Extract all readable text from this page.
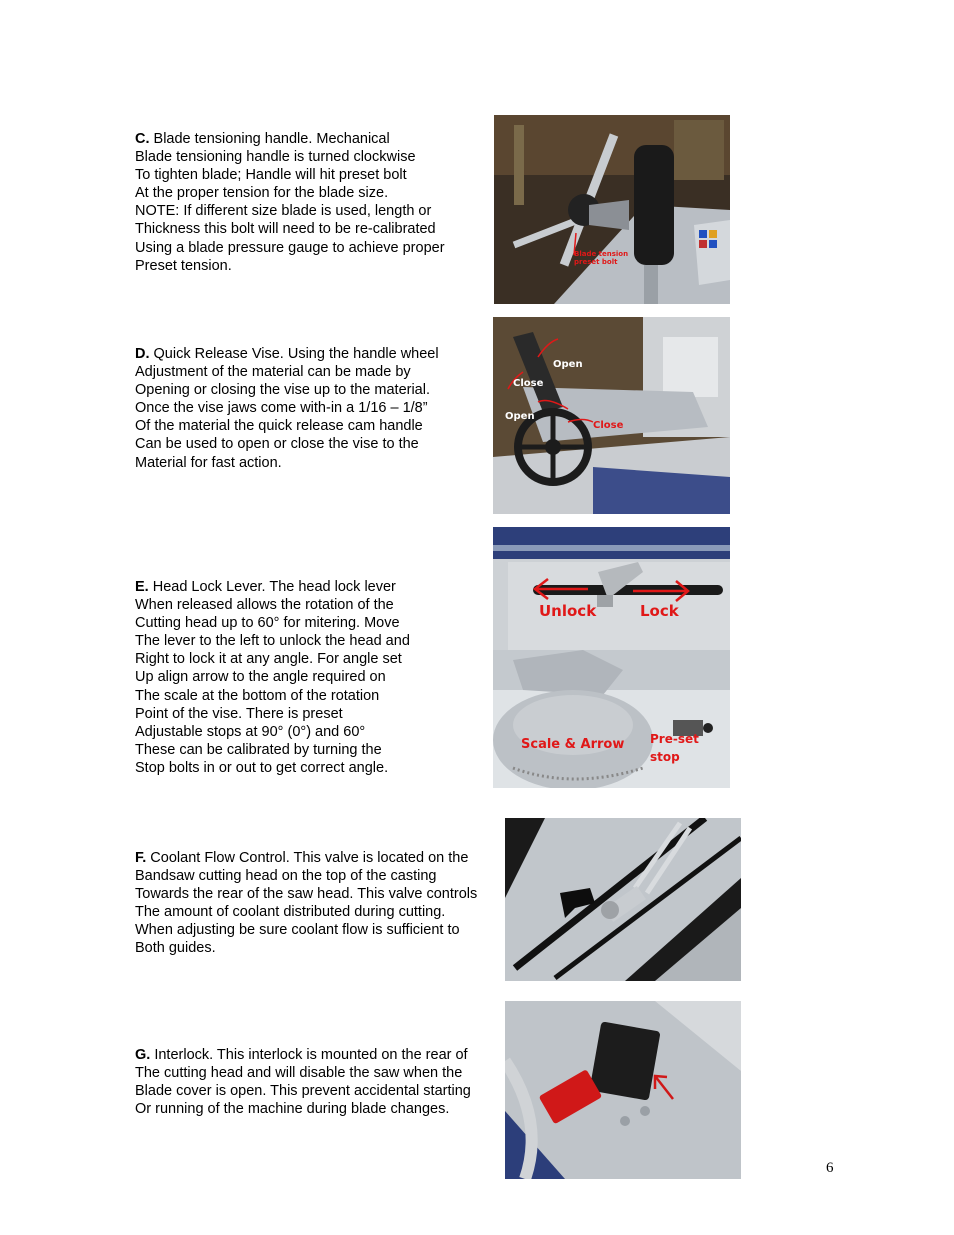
C. Blade tensioning handle. Mechanical
Blade tensioning handle is turned clockwise
To tighten blade; Handle will hit preset bolt
At the proper tension for the blade size.
NOTE: If different size blade is used, length or
Thickness this bolt will need to be re-calibrated
Using a blade pressure gauge to achieve proper
Preset tension.
Blade tension
preset bolt
D. Quick Release Vise. Using the handle wheel
Adjustment of the material can be made by
Opening or closing the vise up to the material.
Once the vise jaws come with-in a 1/16 – 1/8”
Of the material the quick release cam handle
Can be used to open or close the vise to the
Material for fast action.
Open
Close
Open
Close
E. Head Lock Lever. The head lock lever
When released allows the rotation of the
Cutting head up to 60° for mitering. Move
The lever to the left to unlock the head and
Right to lock it at any angle. For angle set
Up align arrow to the angle required on
The scale at the bottom of the rotation
Point of the vise. There is preset
Adjustable stops at 90° (0°) and 60°
These can be calibrated by turning the
Stop bolts in or out to get correct angle.
Unlock	Lock
Scale & Arrow Pre-set
stop
F. Coolant Flow Control. This valve is located on the
Bandsaw cutting head on the top of the casting
Towards the rear of the saw head. This valve controls
The amount of coolant distributed during cutting.
When adjusting be sure coolant flow is sufficient to
Both guides.
G. Interlock. This interlock is mounted on the rear of
The cutting head and will disable the saw when the
Blade cover is open. This prevent accidental starting
Or running of the machine during blade changes.
6
